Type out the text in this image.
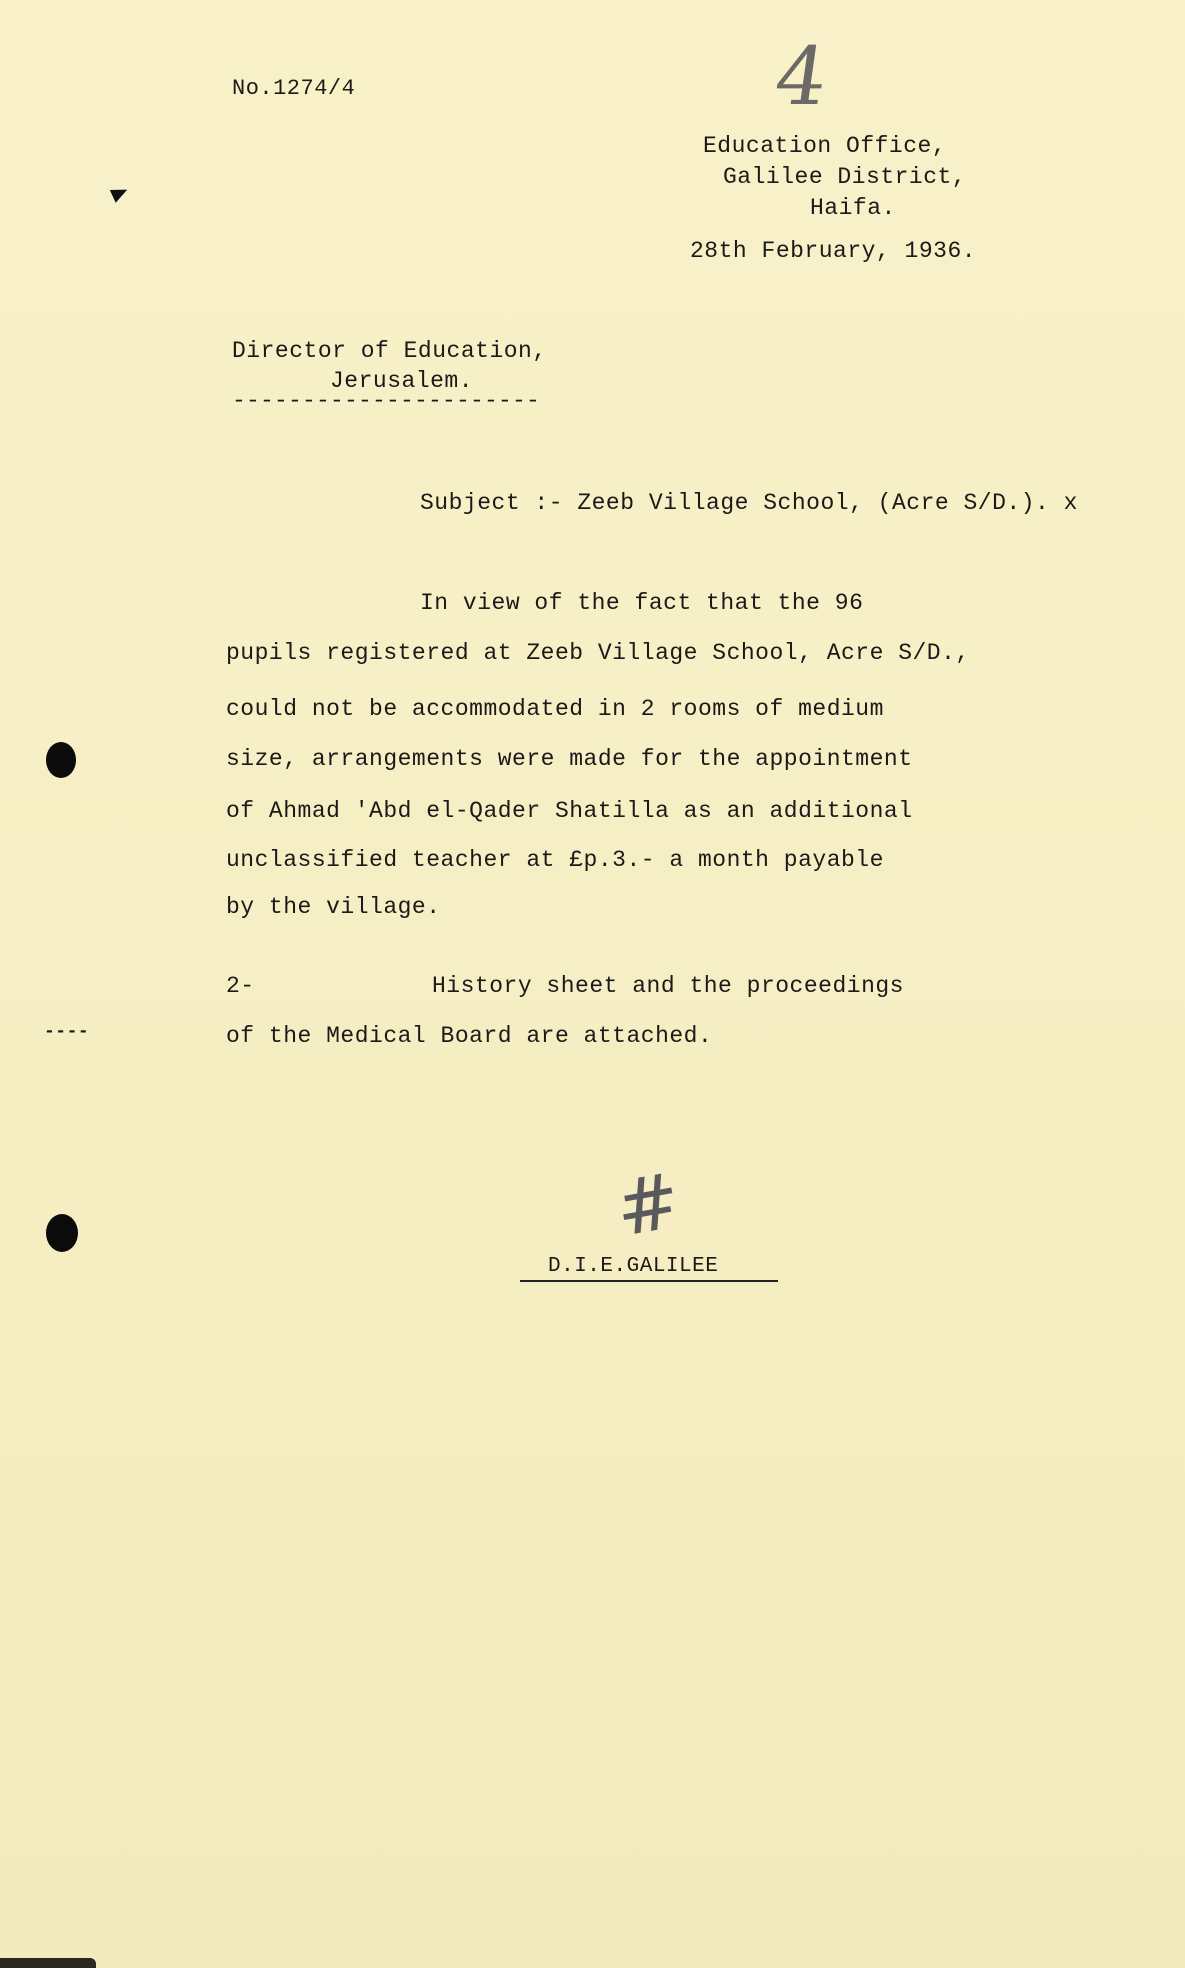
No.1274/4	4
Education Office,
Galilee District,
Haifa.
28th February, 1936.
Director of Education,
Jerusalem.
----------------------
Subject :- Zeeb Village School, (Acre S/D.). x
In view of the fact that the 96
pupils registered at Zeeb Village School, Acre S/D.,
could not be accommodated in 2 rooms of medium
size, arrangements were made for the appointment
of Ahmad 'Abd el-Qader Shatilla as an additional
unclassified teacher at £p.3.- a month payable
by the village.
2-	History sheet and the proceedings
of the Medical Board are attached.
#
D.I.E.GALILEE
----
